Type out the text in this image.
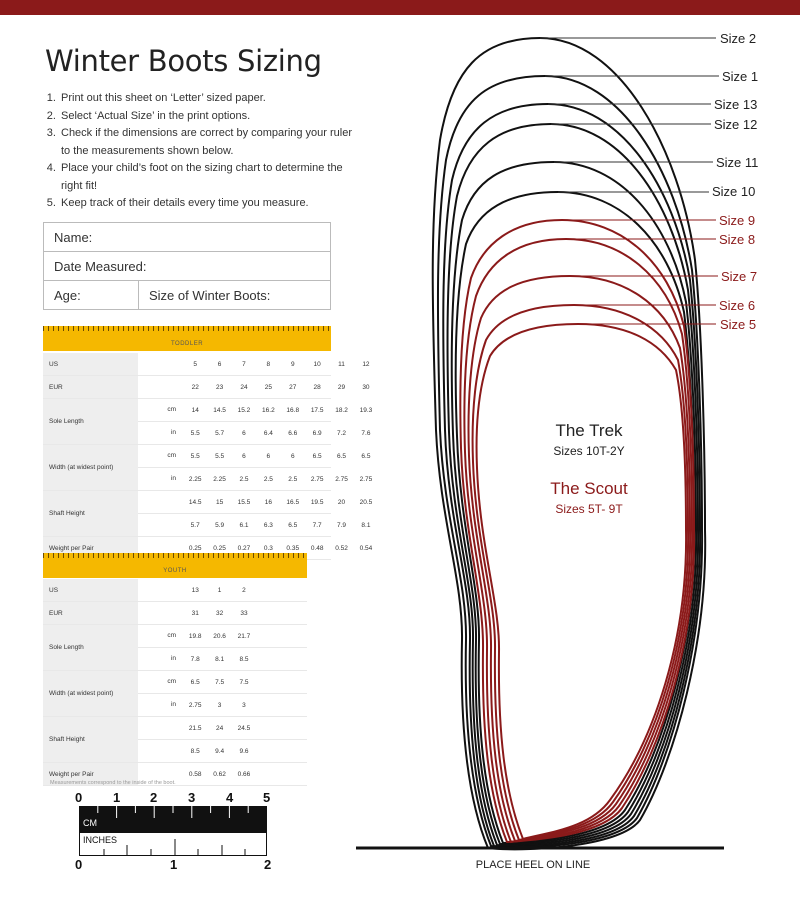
Winter Boots Sizing
1. Print out this sheet on ‘Letter’ sized paper.
2. Select ‘Actual Size’ in the print options.
3. Check if the dimensions are correct by comparing your ruler to the measurements shown below.
4. Place your child’s foot on the sizing chart to determine the right fit!
5. Keep track of their details every time you measure.
Name:
Date Measured:
Age:	Size of Winter Boots:
TODDLER
US	5	6	7	8	9	10	11	12
EUR	22	23	24	25	27	28	29	30
Sole Length
cm	14	14.5	15.2	16.2	16.8	17.5	18.2	19.3
in	5.5	5.7	6	6.4	6.6	6.9	7.2	7.6
Width (at widest point)
cm	5.5	5.5	6	6	6	6.5	6.5	6.5
in	2.25	2.25	2.5	2.5	2.5	2.75	2.75	2.75
Shaft Height
14.5	15	15.5	16	16.5	19.5	20	20.5
5.7	5.9	6.1	6.3	6.5	7.7	7.9	8.1
Weight per Pair	0.25	0.25	0.27	0.3	0.35	0.48	0.52	0.54
YOUTH
US	13	1	2
EUR	31	32	33
Sole Length
cm	19.8	20.6	21.7
in	7.8	8.1	8.5
Width (at widest point)
cm	6.5	7.5	7.5
in	2.75	3	3
Shaft Height
21.5	24	24.5
8.5	9.4	9.6
Weight per Pair	0.58	0.62	0.66
Measurements correspond to the inside of the boot.
0 1 2 3 4 5
CM
INCHES
0	1	2
Size 2
Size 1
Size 13
Size 12
Size 11
Size 10
Size 9
Size 8
Size 7
Size 6
Size 5
The Trek
Sizes 10T-2Y
The Scout
Sizes 5T- 9T
PLACE HEEL ON LINE
